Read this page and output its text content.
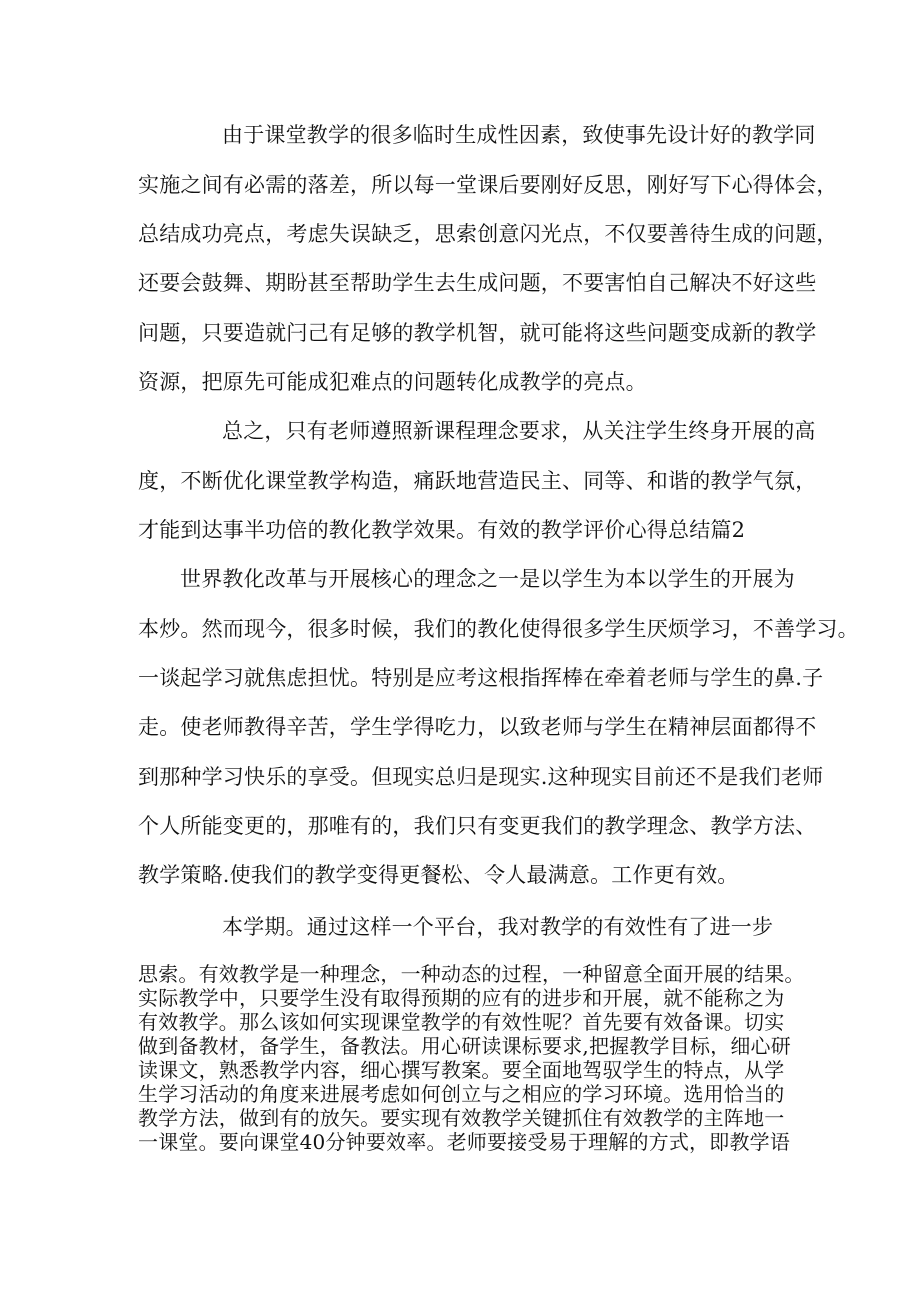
由于课堂教学的很多临时生成性因素，致使事先设计好的教学同
实施之间有必需的落差，所以每一堂课后要刚好反思，刚好写下心得体会，
总结成功亮点，考虑失误缺乏，思索创意闪光点，不仅要善待生成的问题，
还要会鼓舞、期盼甚至帮助学生去生成问题，不要害怕自己解决不好这些
问题，只要造就闩己有足够的教学机智，就可能将这些问题变成新的教学
资源，把原先可能成犯难点的问题转化成教学的亮点。
总之，只有老师遵照新课程理念要求，从关注学生终身开展的高
度，不断优化课堂教学构造，痛跃地营造民主、同等、和谐的教学气氛，
才能到达事半功倍的教化教学效果。有效的教学评价心得总结篇2
世界教化改革与开展核心的理念之一是以学生为本以学生的开展为
本炒。然而现今，很多时候，我们的教化使得很多学生厌烦学习，不善学习。
一谈起学习就焦虑担忧。特别是应考这根指挥棒在牵着老师与学生的鼻.子
走。使老师教得辛苦，学生学得吃力，以致老师与学生在精神层面都得不
到那种学习快乐的享受。但现实总归是现实.这种现实目前还不是我们老师
个人所能变更的，那唯有的，我们只有变更我们的教学理念、教学方法、
教学策略.使我们的教学变得更餐松、令人最满意。工作更有效。
本学期。通过这样一个平台，我对教学的有效性有了进一步
思索。有效教学是一种理念，一种动态的过程，一种留意全面开展的结果。
实际教学中，只要学生没有取得预期的应有的进步和开展，就不能称之为
有效教学。那么该如何实现课堂教学的有效性呢？首先要有效备课。切实
做到备教材，备学生，备教法。用心研读课标要求,把握教学目标，细心研
读课文，熟悉教学内容，细心撰写教案。要全面地驾驭学生的特点，从学
生学习活动的角度来进展考虑如何创立与之相应的学习环境。选用恰当的
教学方法，做到有的放矢。要实现有效教学关键抓住有效教学的主阵地一
一课堂。要向课堂40分钟要效率。老师要接受易于理解的方式，即教学语
